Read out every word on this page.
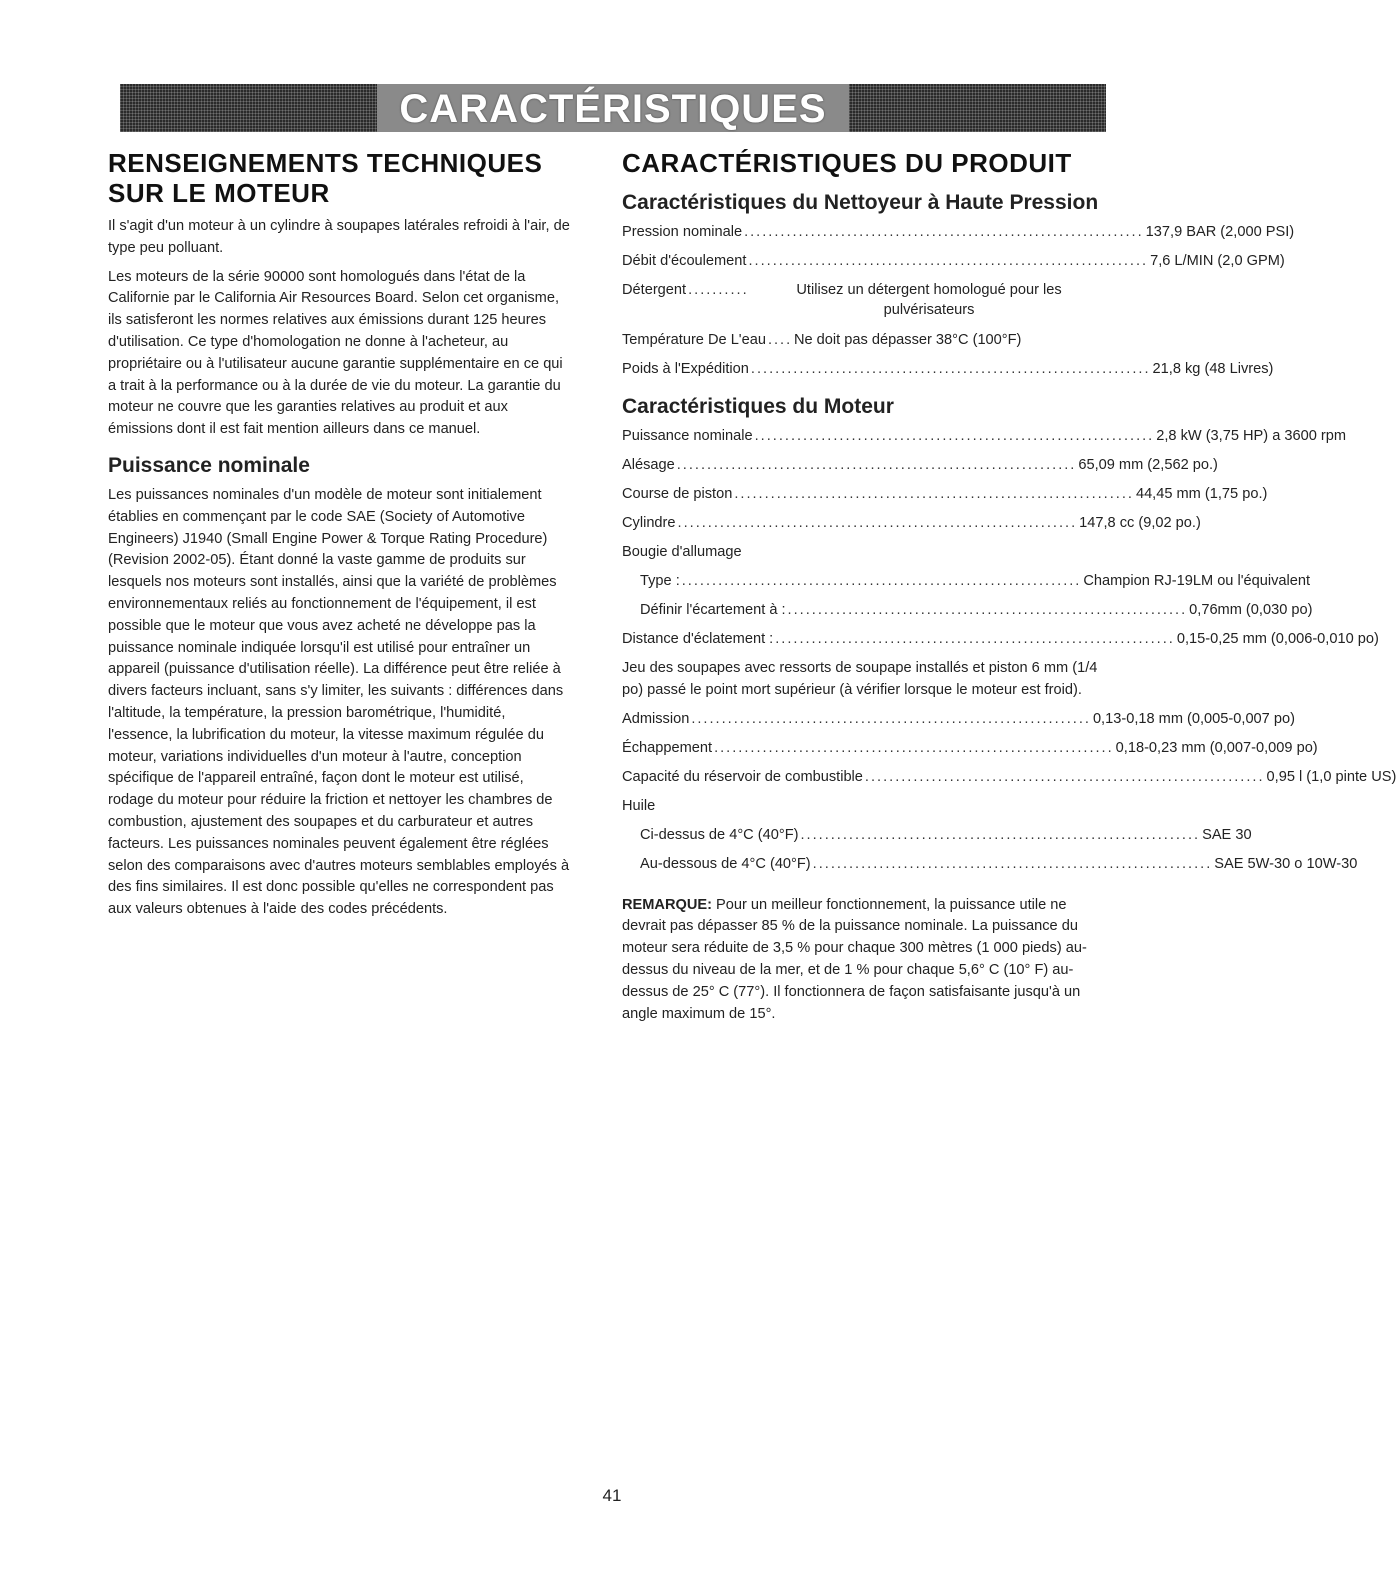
CARACTÉRISTIQUES
RENSEIGNEMENTS TECHNIQUES SUR LE MOTEUR

Il s'agit d'un moteur à un cylindre à soupapes latérales refroidi à l'air, de type peu polluant.

Les moteurs de la série 90000 sont homologués dans l'état de la Californie par le California Air Resources Board. Selon cet organisme, ils satisferont les normes relatives aux émissions durant 125 heures d'utilisation. Ce type d'homologation ne donne à l'acheteur, au propriétaire ou à l'utilisateur aucune garantie supplémentaire en ce qui a trait à la performance ou à la durée de vie du moteur. La garantie du moteur ne couvre que les garanties relatives au produit et aux émissions dont il est fait mention ailleurs dans ce manuel.

Puissance nominale

Les puissances nominales d'un modèle de moteur sont initialement établies en commençant par le code SAE (Society of Automotive Engineers) J1940 (Small Engine Power & Torque Rating Procedure) (Revision 2002-05). Étant donné la vaste gamme de produits sur lesquels nos moteurs sont installés, ainsi que la variété de problèmes environnementaux reliés au fonctionnement de l'équipement, il est possible que le moteur que vous avez acheté ne développe pas la puissance nominale indiquée lorsqu'il est utilisé pour entraîner un appareil (puissance d'utilisation réelle). La différence peut être reliée à divers facteurs incluant, sans s'y limiter, les suivants : différences dans l'altitude, la température, la pression barométrique, l'humidité, l'essence, la lubrification du moteur, la vitesse maximum régulée du moteur, variations individuelles d'un moteur à l'autre, conception spécifique de l'appareil entraîné, façon dont le moteur est utilisé, rodage du moteur pour réduire la friction et nettoyer les chambres de combustion, ajustement des soupapes et du carburateur et autres facteurs. Les puissances nominales peuvent également être réglées selon des comparaisons avec d'autres moteurs semblables employés à des fins similaires. Il est donc possible qu'elles ne correspondent pas aux valeurs obtenues à l'aide des codes précédents.

CARACTÉRISTIQUES DU PRODUIT
Caractéristiques du Nettoyeur à Haute Pression
Pression nominale .................................................................. 137,9 BAR (2,000 PSI)
Débit d'écoulement .................................................................. 7,6 L/MIN (2,0 GPM)
Détergent ..........	Utilisez un détergent homologué pour les pulvérisateurs
Température De L'eau .... Ne doit pas dépasser 38°C (100°F)
Poids à l'Expédition .................................................................. 21,8 kg (48 Livres)
Caractéristiques du Moteur
Puissance nominale .................................................................. 2,8 kW (3,75 HP) a 3600 rpm
Alésage .................................................................. 65,09 mm (2,562 po.)
Course de piston .................................................................. 44,45 mm (1,75 po.)
Cylindre .................................................................. 147,8 cc (9,02 po.)
Bougie d'allumage
Type : .................................................................. Champion RJ-19LM ou l'équivalent
Définir l'écartement à : .................................................................. 0,76mm (0,030 po)
Distance d'éclatement : .................................................................. 0,15-0,25 mm (0,006-0,010 po)

Jeu des soupapes avec ressorts de soupape installés et piston 6 mm (1/4 po) passé le point mort supérieur (à vérifier lorsque le moteur est froid).

Admission .................................................................. 0,13-0,18 mm (0,005-0,007 po)
Échappement .................................................................. 0,18-0,23 mm (0,007-0,009 po)
Capacité du réservoir de combustible .................................................................. 0,95 l (1,0 pinte US)
Huile
Ci-dessus de 4°C (40°F) .................................................................. SAE 30
Au-dessous de 4°C (40°F) .................................................................. SAE 5W-30 o 10W-30

REMARQUE: Pour un meilleur fonctionnement, la puissance utile ne devrait pas dépasser 85 % de la puissance nominale. La puissance du moteur sera réduite de 3,5 % pour chaque 300 mètres (1 000 pieds) au-dessus du niveau de la mer, et de 1 % pour chaque 5,6° C (10° F) au-dessus de 25° C (77°). Il fonctionnera de façon satisfaisante jusqu'à un angle maximum de 15°.

41
